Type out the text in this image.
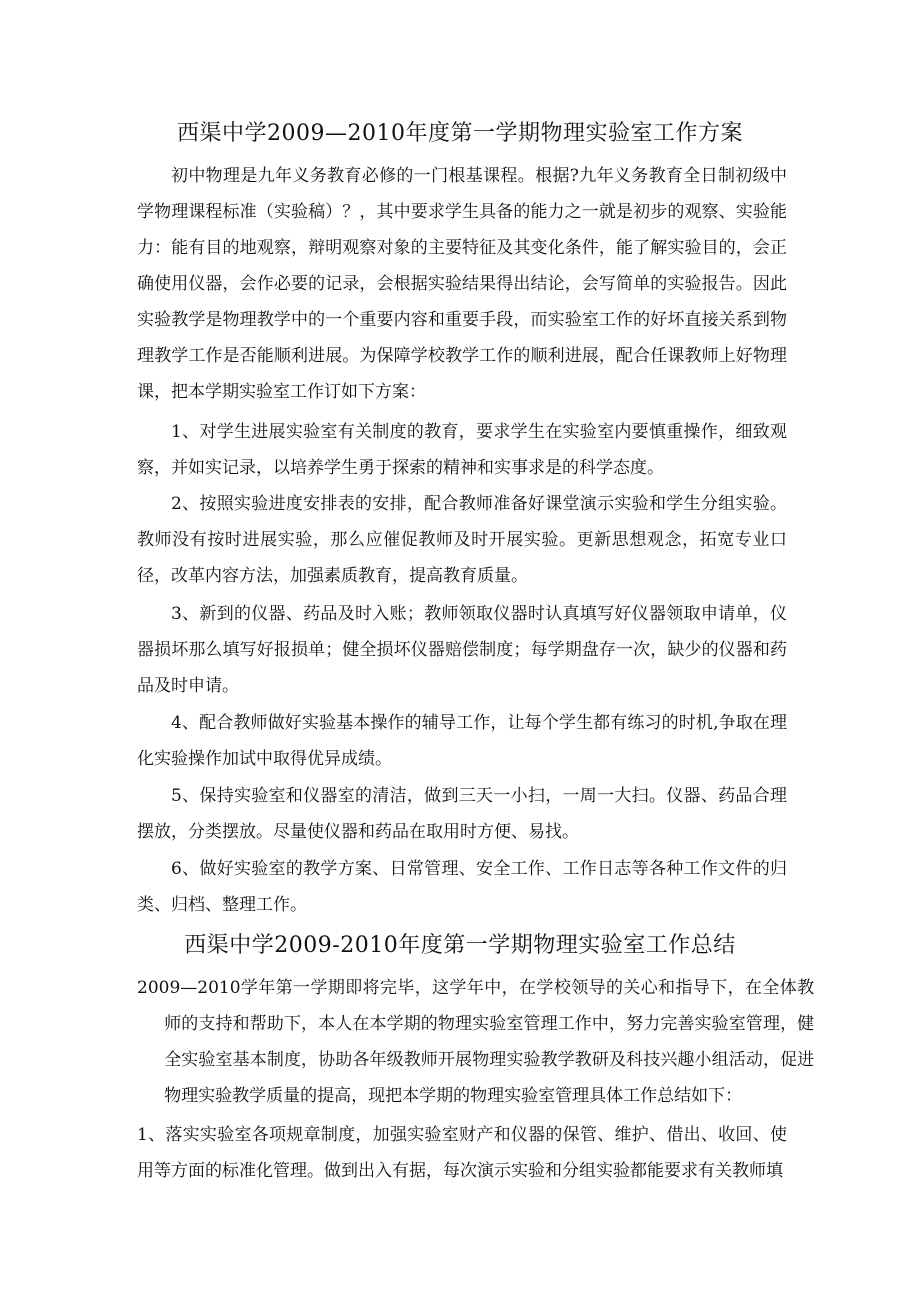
西渠中学2009—2010年度第一学期物理实验室工作方案

初中物理是九年义务教育必修的一门根基课程。根据?九年义务教育全日制初级中学物理课程标准（实验稿）？，其中要求学生具备的能力之一就是初步的观察、实验能力：能有目的地观察，辩明观察对象的主要特征及其变化条件，能了解实验目的，会正确使用仪器，会作必要的记录，会根据实验结果得出结论，会写简单的实验报告。因此实验教学是物理教学中的一个重要内容和重要手段，而实验室工作的好坏直接关系到物理教学工作是否能顺利进展。为保障学校教学工作的顺利进展，配合任课教师上好物理课，把本学期实验室工作订如下方案：

1、对学生进展实验室有关制度的教育，要求学生在实验室内要慎重操作，细致观察，并如实记录，以培养学生勇于探索的精神和实事求是的科学态度。

2、按照实验进度安排表的安排，配合教师准备好课堂演示实验和学生分组实验。教师没有按时进展实验，那么应催促教师及时开展实验。更新思想观念，拓宽专业口径，改革内容方法，加强素质教育，提高教育质量。

3、新到的仪器、药品及时入账；教师领取仪器时认真填写好仪器领取申请单，仪器损坏那么填写好报损单；健全损坏仪器赔偿制度；每学期盘存一次，缺少的仪器和药品及时申请。

4、配合教师做好实验基本操作的辅导工作，让每个学生都有练习的时机,争取在理化实验操作加试中取得优异成绩。

5、保持实验室和仪器室的清洁，做到三天一小扫，一周一大扫。仪器、药品合理摆放，分类摆放。尽量使仪器和药品在取用时方便、易找。

6、做好实验室的教学方案、日常管理、安全工作、工作日志等各种工作文件的归类、归档、整理工作。

西渠中学2009-2010年度第一学期物理实验室工作总结

2009—2010学年第一学期即将完毕，这学年中，在学校领导的关心和指导下，在全体教师的支持和帮助下，本人在本学期的物理实验室管理工作中，努力完善实验室管理，健全实验室基本制度，协助各年级教师开展物理实验教学教研及科技兴趣小组活动，促进物理实验教学质量的提高，现把本学期的物理实验室管理具体工作总结如下：

1、落实实验室各项规章制度，加强实验室财产和仪器的保管、维护、借出、收回、使用等方面的标准化管理。做到出入有据，每次演示实验和分组实验都能要求有关教师填
